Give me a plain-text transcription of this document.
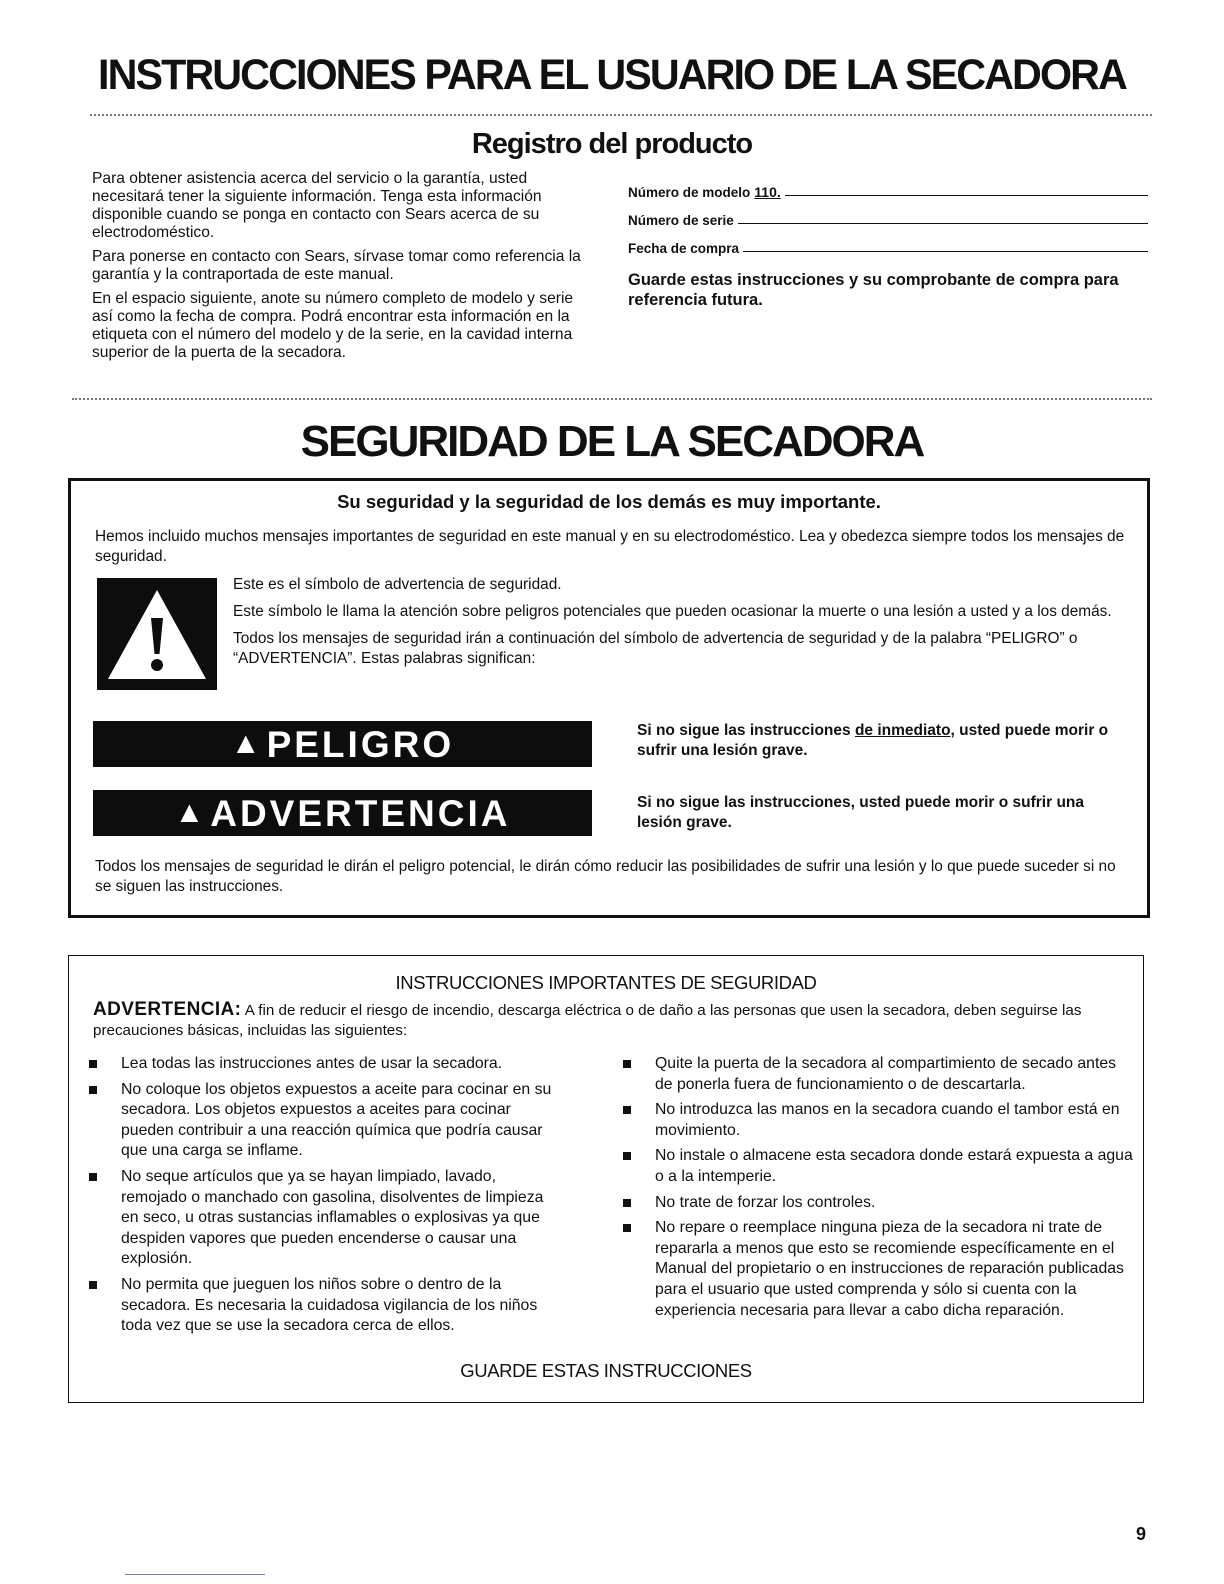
INSTRUCCIONES PARA EL USUARIO DE LA SECADORA
Registro del producto

Para obtener asistencia acerca del servicio o la garantía, usted necesitará tener la siguiente información. Tenga esta información disponible cuando se ponga en contacto con Sears acerca de su electrodoméstico.

Para ponerse en contacto con Sears, sírvase tomar como referencia la garantía y la contraportada de este manual.

En el espacio siguiente, anote su número completo de modelo y serie así como la fecha de compra. Podrá encontrar esta información en la etiqueta con el número del modelo y de la serie, en la cavidad interna superior de la puerta de la secadora.

Número de modelo 110.
Número de serie
Fecha de compra
Guarde estas instrucciones y su comprobante de compra para referencia futura.
SEGURIDAD DE LA SECADORA
Su seguridad y la seguridad de los demás es muy importante.
Hemos incluido muchos mensajes importantes de seguridad en este manual y en su electrodoméstico. Lea y obedezca siempre todos los mensajes de seguridad.

Este es el símbolo de advertencia de seguridad.

Este símbolo le llama la atención sobre peligros potenciales que pueden ocasionar la muerte o una lesión a usted y a los demás.

Todos los mensajes de seguridad irán a continuación del símbolo de advertencia de seguridad y de la palabra “PELIGRO” o “ADVERTENCIA”. Estas palabras significan:

▲ PELIGRO	Si no sigue las instrucciones de inmediato, usted puede morir o sufrir una lesión grave.
▲ ADVERTENCIA	Si no sigue las instrucciones, usted puede morir o sufrir una lesión grave.
Todos los mensajes de seguridad le dirán el peligro potencial, le dirán cómo reducir las posibilidades de sufrir una lesión y lo que puede suceder si no se siguen las instrucciones.
INSTRUCCIONES IMPORTANTES DE SEGURIDAD
ADVERTENCIA: A fin de reducir el riesgo de incendio, descarga eléctrica o de daño a las personas que usen la secadora, deben seguirse las precauciones básicas, incluidas las siguientes:
Lea todas las instrucciones antes de usar la secadora.
No coloque los objetos expuestos a aceite para cocinar en su secadora. Los objetos expuestos a aceites para cocinar pueden contribuir a una reacción química que podría causar que una carga se inflame.
No seque artículos que ya se hayan limpiado, lavado, remojado o manchado con gasolina, disolventes de limpieza en seco, u otras sustancias inflamables o explosivas ya que despiden vapores que pueden encenderse o causar una explosión.
No permita que jueguen los niños sobre o dentro de la secadora. Es necesaria la cuidadosa vigilancia de los niños toda vez que se use la secadora cerca de ellos.
Quite la puerta de la secadora al compartimiento de secado antes de ponerla fuera de funcionamiento o de descartarla.
No introduzca las manos en la secadora cuando el tambor está en movimiento.
No instale o almacene esta secadora donde estará expuesta a agua o a la intemperie.
No trate de forzar los controles.
No repare o reemplace ninguna pieza de la secadora ni trate de repararla a menos que esto se recomiende específicamente en el Manual del propietario o en instrucciones de reparación publicadas para el usuario que usted comprenda y sólo si cuenta con la experiencia necesaria para llevar a cabo dicha reparación.
GUARDE ESTAS INSTRUCCIONES
9
